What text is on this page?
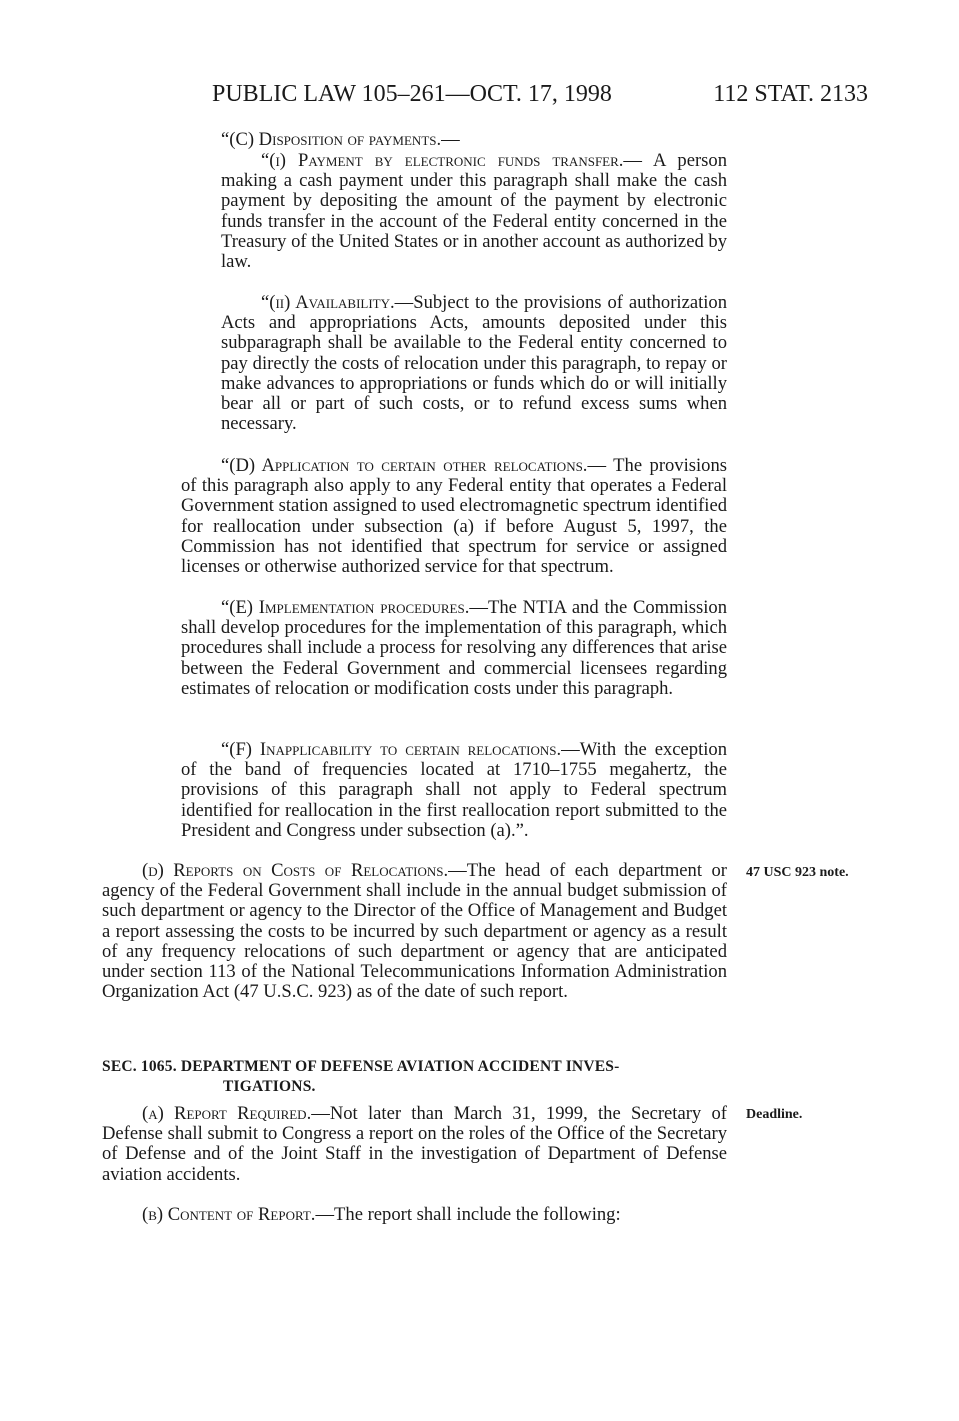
PUBLIC LAW 105–261—OCT. 17, 1998	112 STAT. 2133

“(C) Disposition of payments.—

“(i) Payment by electronic funds transfer.— A person making a cash payment under this paragraph shall make the cash payment by depositing the amount of the payment by electronic funds transfer in the account of the Federal entity concerned in the Treasury of the United States or in another account as authorized by law.

“(ii) Availability.—Subject to the provisions of authorization Acts and appropriations Acts, amounts deposited under this subparagraph shall be available to the Federal entity concerned to pay directly the costs of relocation under this paragraph, to repay or make advances to appropriations or funds which do or will initially bear all or part of such costs, or to refund excess sums when necessary.

“(D) Application to certain other relocations.— The provisions of this paragraph also apply to any Federal entity that operates a Federal Government station assigned to used electromagnetic spectrum identified for reallocation under subsection (a) if before August 5, 1997, the Commission has not identified that spectrum for service or assigned licenses or otherwise authorized service for that spectrum.

“(E) Implementation procedures.—The NTIA and the Commission shall develop procedures for the implementation of this paragraph, which procedures shall include a process for resolving any differences that arise between the Federal Government and commercial licensees regarding estimates of relocation or modification costs under this paragraph.

“(F) Inapplicability to certain relocations.—With the exception of the band of frequencies located at 1710–1755 megahertz, the provisions of this paragraph shall not apply to Federal spectrum identified for reallocation in the first reallocation report submitted to the President and Congress under subsection (a).”.

(d) Reports on Costs of Relocations.—The head of each department or agency of the Federal Government shall include in the annual budget submission of such department or agency to the Director of the Office of Management and Budget a report assessing the costs to be incurred by such department or agency as a result of any frequency relocations of such department or agency that are anticipated under section 113 of the National Telecommunications Information Administration Organization Act (47 U.S.C. 923) as of the date of such report.

47 USC 923 note.
SEC. 1065. DEPARTMENT OF DEFENSE AVIATION ACCIDENT INVES-
TIGATIONS.

(a) Report Required.—Not later than March 31, 1999, the Secretary of Defense shall submit to Congress a report on the roles of the Office of the Secretary of Defense and of the Joint Staff in the investigation of Department of Defense aviation accidents.

Deadline.

(b) Content of Report.—The report shall include the following:
